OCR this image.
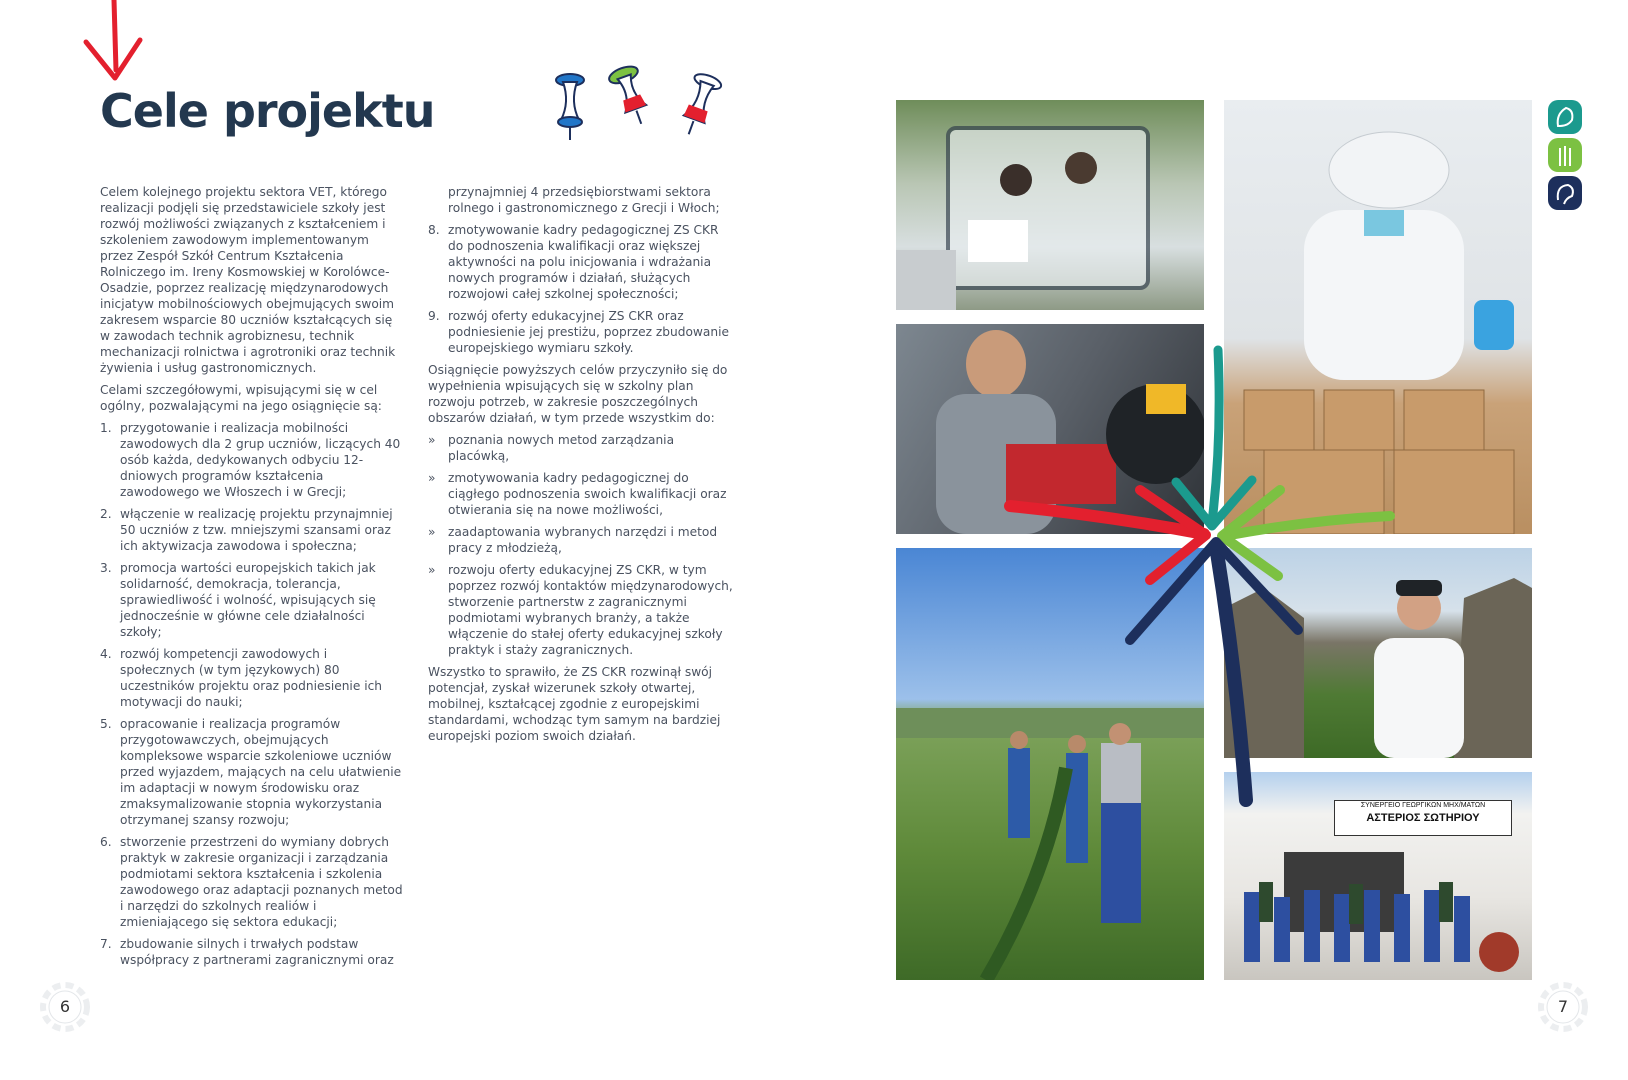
Cele projektu

Celem kolejnego projektu sektora VET, którego realizacji podjęli się przedstawiciele szkoły jest rozwój możliwości związanych z kształceniem i szkoleniem zawodowym implementowanym przez Zespół Szkół Centrum Kształcenia Rolniczego im. Ireny Kosmowskiej w Korolówce-Osadzie, poprzez realizację międzynarodowych inicjatyw mobilnościowych obejmujących swoim zakresem wsparcie 80 uczniów kształcących się w zawodach technik agrobiznesu, technik mechanizacji rolnictwa i agrotroniki oraz technik żywienia i usług gastronomicznych.

Celami szczegółowymi, wpisującymi się w cel ogólny, pozwalającymi na jego osiągnięcie są:

1. przygotowanie i realizacja mobilności zawodowych dla 2 grup uczniów, liczących 40 osób każda, dedykowanych odbyciu 12-dniowych programów kształcenia zawodowego we Włoszech i w Grecji;
2. włączenie w realizację projektu przynajmniej 50 uczniów z tzw. mniejszymi szansami oraz ich aktywizacja zawodowa i społeczna;
3. promocja wartości europejskich takich jak solidarność, demokracja, tolerancja, sprawiedliwość i wolność, wpisujących się jednocześnie w główne cele działalności szkoły;
4. rozwój kompetencji zawodowych i społecznych (w tym językowych) 80 uczestników projektu oraz podniesienie ich motywacji do nauki;
5. opracowanie i realizacja programów przygotowawczych, obejmujących kompleksowe wsparcie szkoleniowe uczniów przed wyjazdem, mających na celu ułatwienie im adaptacji w nowym środowisku oraz zmaksymalizowanie stopnia wykorzystania otrzymanej szansy rozwoju;
6. stworzenie przestrzeni do wymiany dobrych praktyk w zakresie organizacji i zarządzania podmiotami sektora kształcenia i szkolenia zawodowego oraz adaptacji poznanych metod i narzędzi do szkolnych realiów i zmieniającego się sektora edukacji;
7. zbudowanie silnych i trwałych podstaw współpracy z partnerami zagranicznymi oraz

przynajmniej 4 przedsiębiorstwami sektora rolnego i gastronomicznego z Grecji i Włoch;

8. zmotywowanie kadry pedagogicznej ZS CKR do podnoszenia kwalifikacji oraz większej aktywności na polu inicjowania i wdrażania nowych programów i działań, służących rozwojowi całej szkolnej społeczności;
9. rozwój oferty edukacyjnej ZS CKR oraz podniesienie jej prestiżu, poprzez zbudowanie europejskiego wymiaru szkoły.

Osiągnięcie powyższych celów przyczyniło się do wypełnienia wpisujących się w szkolny plan rozwoju potrzeb, w zakresie poszczególnych obszarów działań, w tym przede wszystkim do:

» poznania nowych metod zarządzania placówką,
» zmotywowania kadry pedagogicznej do ciągłego podnoszenia swoich kwalifikacji oraz otwierania się na nowe możliwości,
» zaadaptowania wybranych narzędzi i metod pracy z młodzieżą,
» rozwoju oferty edukacyjnej ZS CKR, w tym poprzez rozwój kontaktów międzynarodowych, stworzenie partnerstw z zagranicznymi podmiotami wybranych branży, a także włączenie do stałej oferty edukacyjnej szkoły praktyk i staży zagranicznych.

Wszystko to sprawiło, że ZS CKR rozwinął swój potencjał, zyskał wizerunek szkoły otwartej, mobilnej, kształcącej zgodnie z europejskimi standardami, wchodząc tym samym na bardziej europejski poziom swoich działań.

ΣΥΝΕΡΓΕΙΟ ΓΕΩΡΓΙΚΩΝ ΜΗΧ/ΜΑΤΩΝ
ΑΣΤΕΡΙΟΣ ΣΩΤΗΡΙΟΥ
6	7
